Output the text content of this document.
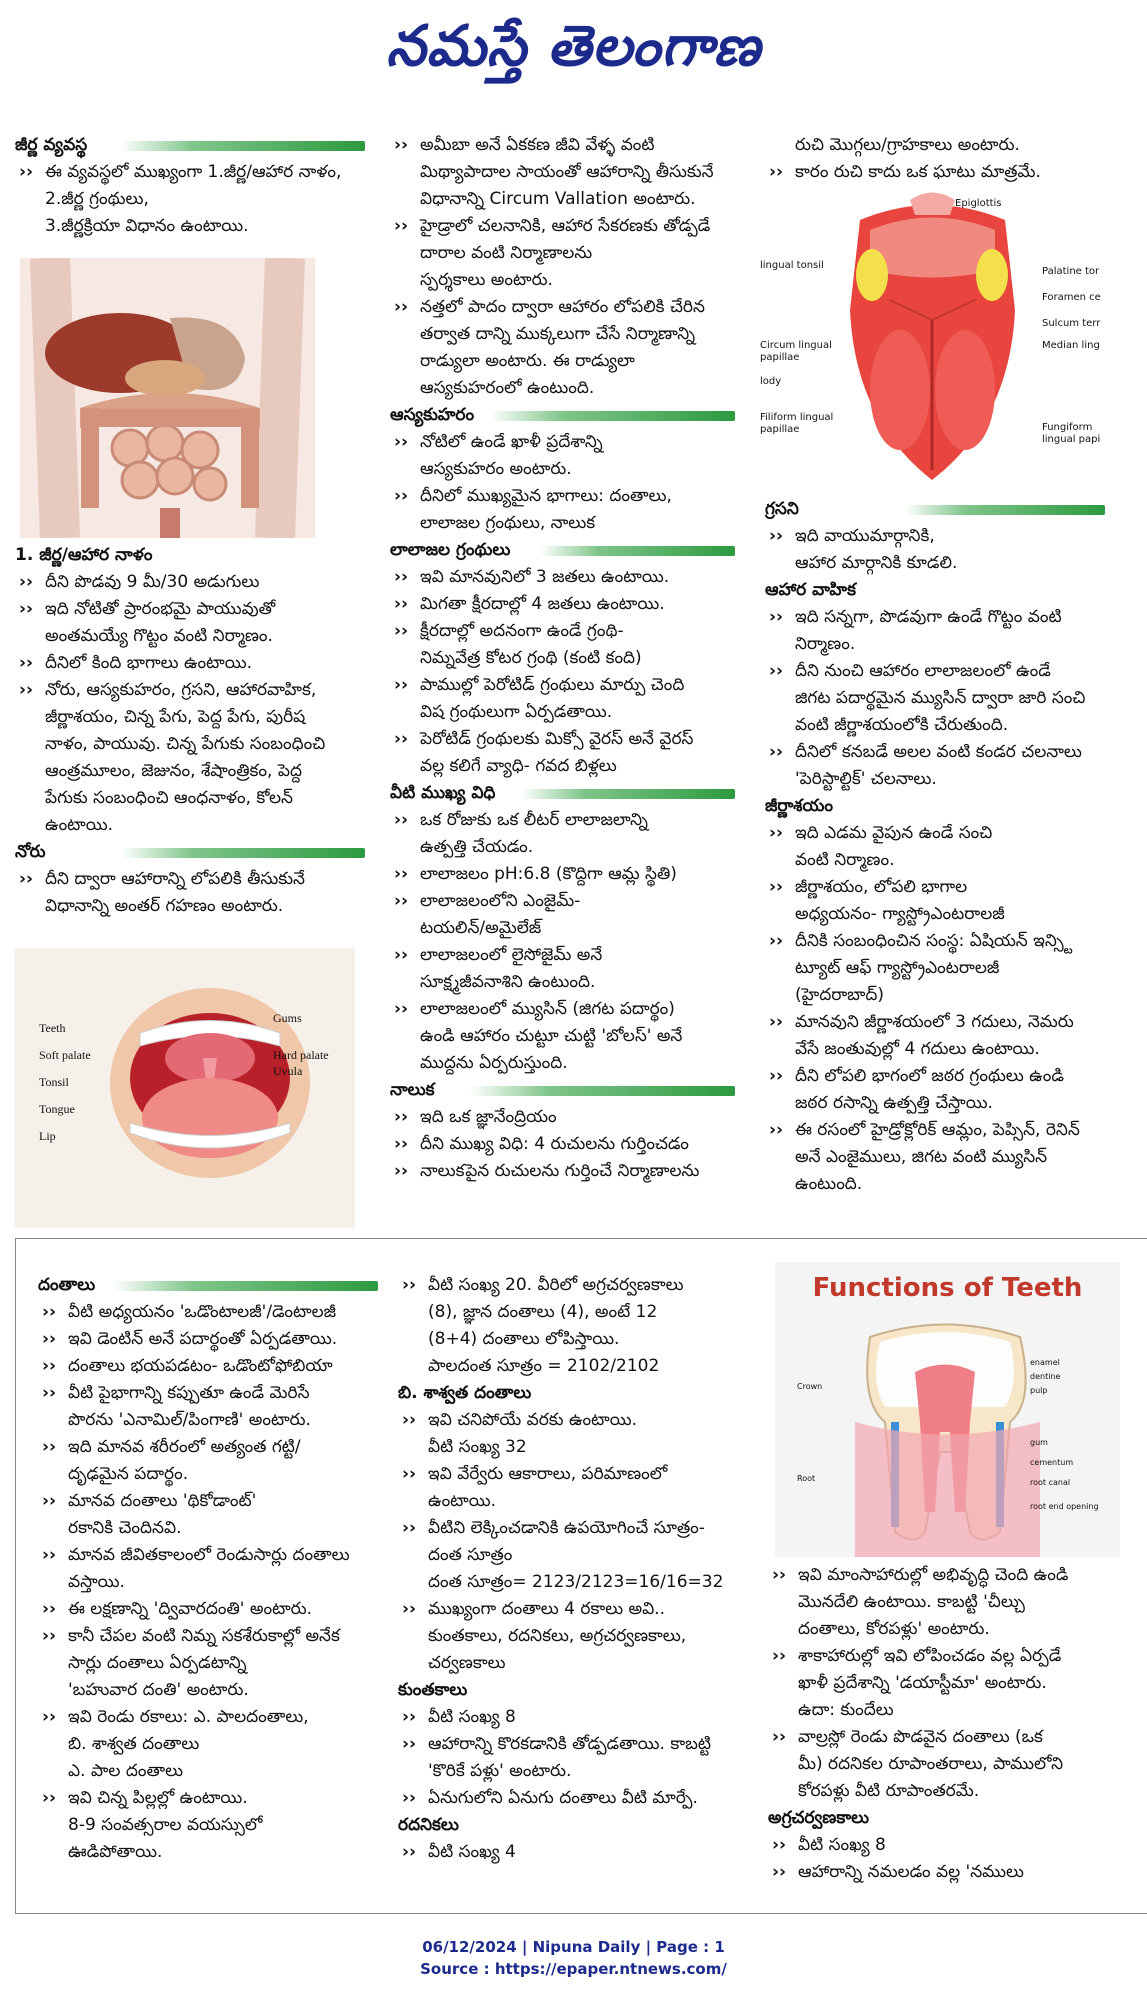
నమస్తే తెలంగాణ

జీర్ణ వ్యవస్థ

›› ఈ వ్యవస్థలో ముఖ్యంగా 1.జీర్ణ/ఆహార నాళం,

2.జీర్ణ గ్రంథులు,

3.జీర్ణక్రియా విధానం ఉంటాయి.

1. జీర్ణ/ఆహార నాళం

›› దీని పొడవు 9 మీ/30 అడుగులు

›› ఇది నోటితో ప్రారంభమై పాయువుతో

అంతమయ్యే గొట్టం వంటి నిర్మాణం.

›› దీనిలో కింది భాగాలు ఉంటాయి.

›› నోరు, ఆస్యకుహరం, గ్రసని, ఆహారవాహిక,

జీర్ణాశయం, చిన్న పేగు, పెద్ద పేగు, పురీష

నాళం, పాయువు. చిన్న పేగుకు సంబంధించి

ఆంత్రమూలం, జెజునం, శేషాంత్రికం, పెద్ద

పేగుకు సంబంధించి ఆంధనాళం, కోలన్

ఉంటాయి.

నోరు

›› దీని ద్వారా ఆహారాన్ని లోపలికి తీసుకునే

విధానాన్ని అంతర్ గహణం అంటారు.

Teeth
Soft palate
Tonsil
Tongue
Lip
Gums
Hard palate
Uvula

›› అమీబా అనే ఏకకణ జీవి వేళ్ళ వంటి

మిథ్యాపాదాల సాయంతో ఆహారాన్ని తీసుకునే

విధానాన్ని Circum Vallation అంటారు.

›› హైడ్రాలో చలనానికి, ఆహార సేకరణకు తోడ్పడే

దారాల వంటి నిర్మాణాలను

స్పర్శకాలు అంటారు.

›› నత్తలో పాదం ద్వారా ఆహారం లోపలికి చేరిన

తర్వాత దాన్ని ముక్కలుగా చేసే నిర్మాణాన్ని

రాడ్యులా అంటారు. ఈ రాడ్యులా

ఆస్యకుహరంలో ఉంటుంది.

ఆస్యకుహరం

›› నోటిలో ఉండే ఖాళీ ప్రదేశాన్ని

ఆస్యకుహరం అంటారు.

›› దీనిలో ముఖ్యమైన భాగాలు: దంతాలు,

లాలాజల గ్రంథులు, నాలుక

లాలాజల గ్రంథులు

›› ఇవి మానవునిలో 3 జతలు ఉంటాయి.

›› మిగతా క్షీరదాల్లో 4 జతలు ఉంటాయి.

›› క్షీరదాల్లో అదనంగా ఉండే గ్రంథి-

నిమ్నవేత్ర కోటర గ్రంథి (కంటి కంది)

›› పాముల్లో పెరోటిడ్ గ్రంథులు మార్పు చెంది

విష గ్రంథులుగా ఏర్పడతాయి.

›› పెరోటిడ్ గ్రంథులకు మిక్సో వైరస్ అనే వైరస్

వల్ల కలిగే వ్యాధి- గవద బిళ్లలు

వీటి ముఖ్య విధి

›› ఒక రోజుకు ఒక లీటర్ లాలాజలాన్ని

ఉత్పత్తి చేయడం.

›› లాలాజలం pH:6.8 (కొద్దిగా ఆమ్ల స్థితి)

›› లాలాజలంలోని ఎంజైమ్-

టయలిన్/అమైలేజ్

›› లాలాజలంలో లైసోజైమ్ అనే

సూక్ష్మజీవనాశిని ఉంటుంది.

›› లాలాజలంలో మ్యుసిన్ (జిగట పదార్థం)

ఉండి ఆహారం చుట్టూ చుట్టి 'బోలస్' అనే

ముద్దను ఏర్పరుస్తుంది.

నాలుక

›› ఇది ఒక జ్ఞానేంద్రియం

›› దీని ముఖ్య విధి: 4 రుచులను గుర్తించడం

›› నాలుకపైన రుచులను గుర్తించే నిర్మాణాలను

రుచి మొగ్గలు/గ్రాహకాలు అంటారు.

›› కారం రుచి కాదు ఒక ఘాటు మాత్రమే.

Epiglottis
lingual tonsil
Palatine tor
Foramen ce
Sulcum terr
Median ling
Circum lingual papillae
lody
Filiform lingual papillae	Fungiform lingual papi

గ్రసని

›› ఇది వాయుమార్గానికి,

ఆహార మార్గానికి కూడలి.

ఆహార వాహిక

›› ఇది సన్నగా, పొడవుగా ఉండే గొట్టం వంటి

నిర్మాణం.

›› దీని నుంచి ఆహారం లాలాజలంలో ఉండే

జిగట పదార్థమైన మ్యుసిన్ ద్వారా జారి సంచి

వంటి జీర్ణాశయంలోకి చేరుతుంది.

›› దీనిలో కనబడే అలల వంటి కండర చలనాలు

'పెరిస్టాల్టిక్' చలనాలు.

జీర్ణాశయం

›› ఇది ఎడమ వైపున ఉండే సంచి

వంటి నిర్మాణం.

›› జీర్ణాశయం, లోపలి భాగాల

అధ్యయనం- గ్యాస్ట్రోఎంటరాలజీ

›› దీనికి సంబంధించిన సంస్థ: ఏషియన్ ఇన్స్టి

ట్యూట్ ఆఫ్ గ్యాస్ట్రోఎంటరాలజీ

(హైదరాబాద్)

›› మానవుని జీర్ణాశయంలో 3 గదులు, నెమరు

వేసే జంతువుల్లో 4 గదులు ఉంటాయి.

›› దీని లోపలి భాగంలో జఠర గ్రంథులు ఉండి

జఠర రసాన్ని ఉత్పత్తి చేస్తాయి.

›› ఈ రసంలో హైడ్రోక్లోరిక్ ఆమ్లం, పెప్సిన్, రెనిన్

అనే ఎంజైములు, జిగట వంటి మ్యుసిన్

ఉంటుంది.

దంతాలు

›› వీటి అధ్యయనం 'ఒడొంటాలజీ'/డెంటాలజీ

›› ఇవి డెంటిన్ అనే పదార్థంతో ఏర్పడతాయి.

›› దంతాలు భయపడటం- ఒడొంటోఫోబియా

›› వీటి పైభాగాన్ని కప్పుతూ ఉండే మెరిసే

పొరను 'ఎనామిల్/పింగాణి' అంటారు.

›› ఇది మానవ శరీరంలో అత్యంత గట్టి/

దృఢమైన పదార్థం.

›› మానవ దంతాలు 'థికోడాంట్'

రకానికి చెందినవి.

›› మానవ జీవితకాలంలో రెండుసార్లు దంతాలు

వస్తాయి.

›› ఈ లక్షణాన్ని 'ద్వివారదంతి' అంటారు.

›› కానీ చేపల వంటి నిమ్న సకశేరుకాల్లో అనేక

సార్లు దంతాలు ఏర్పడటాన్ని

'బహువార దంతి' అంటారు.

›› ఇవి రెండు రకాలు: ఎ. పాలదంతాలు,

బి. శాశ్వత దంతాలు

ఎ. పాల దంతాలు

›› ఇవి చిన్న పిల్లల్లో ఉంటాయి.

8-9 సంవత్సరాల వయస్సులో

ఊడిపోతాయి.

›› వీటి సంఖ్య 20. వీరిలో అగ్రచర్వణకాలు

(8), జ్ఞాన దంతాలు (4), అంటే 12

(8+4) దంతాలు లోపిస్తాయి.

పాలదంత సూత్రం = 2102/2102

బి. శాశ్వత దంతాలు

›› ఇవి చనిపోయే వరకు ఉంటాయి.

వీటి సంఖ్య 32

›› ఇవి వేర్వేరు ఆకారాలు, పరిమాణంలో

ఉంటాయి.

›› వీటిని లెక్కించడానికి ఉపయోగించే సూత్రం-

దంత సూత్రం

దంత సూత్రం= 2123/2123=16/16=32

›› ముఖ్యంగా దంతాలు 4 రకాలు అవి..

కుంతకాలు, రదనికలు, అగ్రచర్వణకాలు,

చర్వణకాలు

కుంతకాలు

›› వీటి సంఖ్య 8

›› ఆహారాన్ని కొరకడానికి తోడ్పడతాయి. కాబట్టి

'కొరికే పళ్లు' అంటారు.

›› ఏనుగులోని ఏనుగు దంతాలు వీటి మార్పే.

రదనికలు

›› వీటి సంఖ్య 4

Functions of Teeth
enamel
dentine
pulp
Crown
gum
cementum
root canal
Root
root end opening

›› ఇవి మాంసాహారుల్లో అభివృద్ధి చెంది ఉండి

మొనదేలి ఉంటాయి. కాబట్టి 'చీల్చు

దంతాలు, కోరపళ్లు' అంటారు.

›› శాకాహారుల్లో ఇవి లోపించడం వల్ల ఏర్పడే

ఖాళీ ప్రదేశాన్ని 'డయాస్టీమా' అంటారు.

ఉదా: కుందేలు

›› వాల్రస్లో రెండు పొడవైన దంతాలు (ఒక

మీ) రదనికల రూపాంతరాలు, పాములోని

కోరపళ్లు వీటి రూపాంతరమే.

అగ్రచర్వణకాలు

›› వీటి సంఖ్య 8

›› ఆహారాన్ని నమలడం వల్ల 'నములు

06/12/2024 | Nipuna Daily | Page : 1

Source : https://epaper.ntnews.com/
